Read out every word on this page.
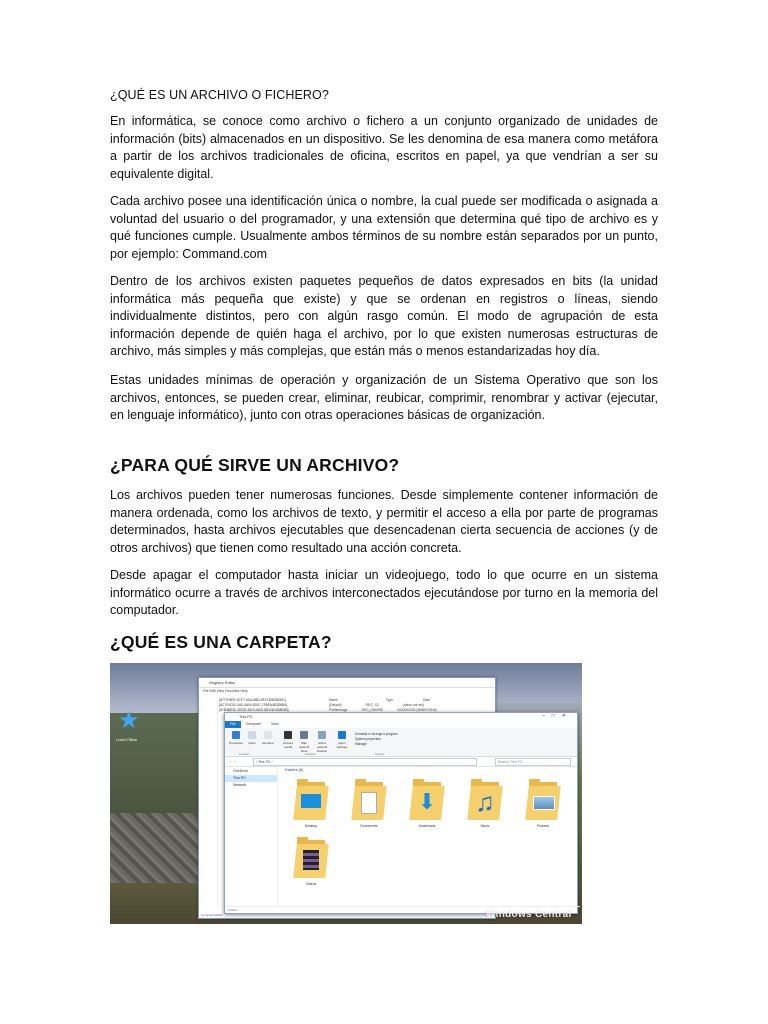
¿QUÉ ES UN ARCHIVO O FICHERO?

En informática, se conoce como archivo o fichero a un conjunto organizado de unidades de información (bits) almacenados en un dispositivo. Se les denomina de esa manera como metáfora a partir de los archivos tradicionales de oficina, escritos en papel, ya que vendrían a ser su equivalente digital.

Cada archivo posee una identificación única o nombre, la cual puede ser modificada o asignada a voluntad del usuario o del programador, y una extensión que determina qué tipo de archivo es y qué funciones cumple. Usualmente ambos términos de su nombre están separados por un punto, por ejemplo: Command.com

Dentro de los archivos existen paquetes pequeños de datos expresados en bits (la unidad informática más pequeña que existe) y que se ordenan en registros o líneas, siendo individualmente distintos, pero con algún rasgo común. El modo de agrupación de esta información depende de quién haga el archivo, por lo que existen numerosas estructuras de archivo, más simples y más complejas, que están más o menos estandarizadas hoy día.

Estas unidades mínimas de operación y organización de un Sistema Operativo que son los archivos, entonces, se pueden crear, eliminar, reubicar, comprimir, renombrar y activar (ejecutar, en lenguaje informático), junto con otras operaciones básicas de organización.

¿PARA QUÉ SIRVE UN ARCHIVO?

Los archivos pueden tener numerosas funciones. Desde simplemente contener información de manera ordenada, como los archivos de texto, y permitir el acceso a ella por parte de programas determinados, hasta archivos ejecutables que desencadenan cierta secuencia de acciones (y de otros archivos) que tienen como resultado una acción concreta.

Desde apagar el computador hasta iniciar un videojuego, todo lo que ocurre en un sistema informático ocurre a través de archivos interconectados ejecutándose por turno en la memoria del computador.

¿QUÉ ES UNA CARPETA?
★
Lucid Office
Registry Editor
File Edit View Favorites Help
{6777F8FE-0CF7-4DA-8BD-9E0742B2B0BC}
{6C7F4C02-0A0-4A00-80D7-7F8EA4B3D6B0}
{67B3BE3C-2EDD-45C0-BE5-26D24D308E8B}
Name	Type	Data
(Default)	REG_SZ	(value not set)
ProfileImage	REG_DWORD	0x00000000 (3688701946)
Computer\HKEY
This PC	–□✕
File	Computer	View
Properties	Open	Rename	Access media
Map network drive
Add a network location
Open Settings
Uninstall or change a program
System properties
Manage
Location	Network	System
← →	› This PC ›	Search This PC
OneDrive
This PC
Network
Folders (6)
Desktop	Documents
⬇
Downloads
♫
Music	Pictures
Videos
9 items	Windows Central
